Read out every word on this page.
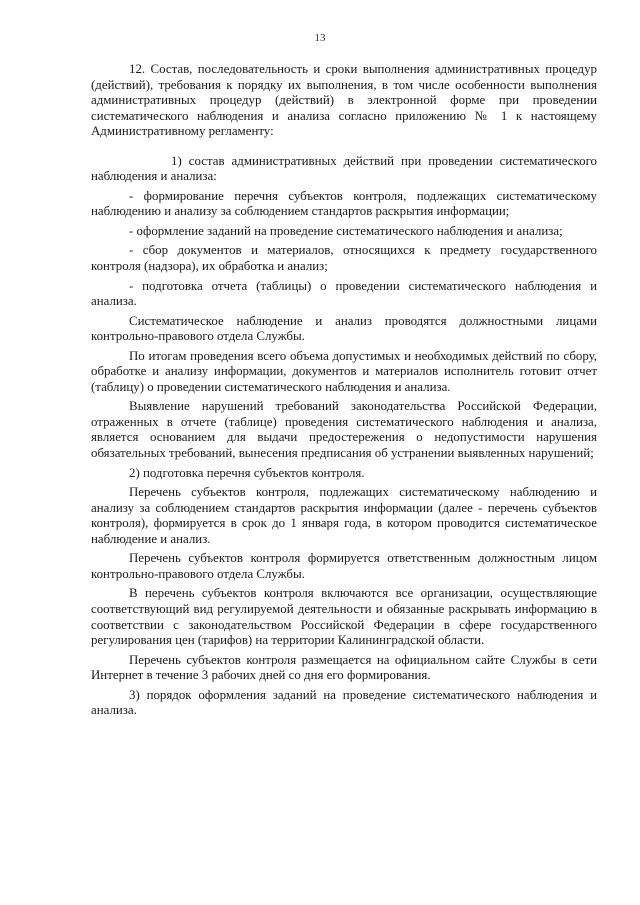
13

12. Состав, последовательность и сроки выполнения административных процедур (действий), требования к порядку их выполнения, в том числе особенности выполнения административных процедур (действий) в электронной форме при проведении систематического наблюдения и анализа согласно приложению № 1 к настоящему Административному регламенту:

1) состав административных действий при проведении систематического наблюдения и анализа:

- формирование перечня субъектов контроля, подлежащих систематическому наблюдению и анализу за соблюдением стандартов раскрытия информации;

- оформление заданий на проведение систематического наблюдения и анализа;

- сбор документов и материалов, относящихся к предмету государственного контроля (надзора), их обработка и анализ;

- подготовка отчета (таблицы) о проведении систематического наблюдения и анализа.

Систематическое наблюдение и анализ проводятся должностными лицами контрольно-правового отдела Службы.

По итогам проведения всего объема допустимых и необходимых действий по сбору, обработке и анализу информации, документов и материалов исполнитель готовит отчет (таблицу) о проведении систематического наблюдения и анализа.

Выявление нарушений требований законодательства Российской Федерации, отраженных в отчете (таблице) проведения систематического наблюдения и анализа, является основанием для выдачи предостережения о недопустимости нарушения обязательных требований, вынесения предписания об устранении выявленных нарушений;

2) подготовка перечня субъектов контроля.

Перечень субъектов контроля, подлежащих систематическому наблюдению и анализу за соблюдением стандартов раскрытия информации (далее - перечень субъектов контроля), формируется в срок до 1 января года, в котором проводится систематическое наблюдение и анализ.

Перечень субъектов контроля формируется ответственным должностным лицом контрольно-правового отдела Службы.

В перечень субъектов контроля включаются все организации, осуществляющие соответствующий вид регулируемой деятельности и обязанные раскрывать информацию в соответствии с законодательством Российской Федерации в сфере государственного регулирования цен (тарифов) на территории Калининградской области.

Перечень субъектов контроля размещается на официальном сайте Службы в сети Интернет в течение 3 рабочих дней со дня его формирования.

3) порядок оформления заданий на проведение систематического наблюдения и анализа.
